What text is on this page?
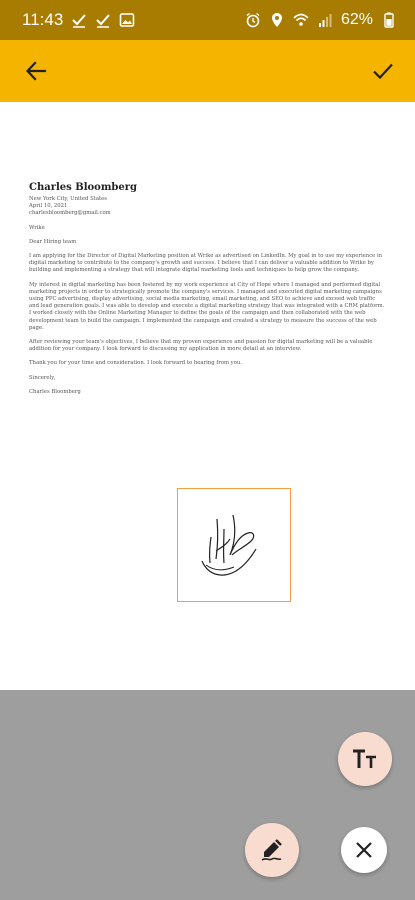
11:43	62%
Charles Bloomberg
New York City, United States
April 10, 2021
charlesbloomberg@gmail.com
Wrike
Dear Hiring team
I am applying for the Director of Digital Marketing position at Wrike as advertised on LinkedIn. My goal in to use my experience in digital marketing to contribute to the company's growth and success. I believe that I can deliver a valuable addition to Wrike by building and implementing a strategy that will integrate digital marketing tools and techniques to help grow the company.
My interest in digital marketing has been fostered by my work experience at City of Hope where I managed and performed digital marketing projects in order to strategically promote the company's services. I managed and executed digital marketing campaigns using PPC advertising, display advertising, social media marketing, email marketing, and SEO to achieve and exceed web traffic and lead generation goals. I was able to develop and execute a digital marketing strategy that was integrated with a CRM platform. I worked closely with the Online Marketing Manager to define the goals of the campaign and then collaborated with the web development team to build the campaign. I implemented the campaign and created a strategy to measure the success of the web page.
After reviewing your team's objectives, I believe that my proven experience and passion for digital marketing will be a valuable addition for your company. I look forward to discussing my application in more detail at an interview.
Thank you for your time and consideration. I look forward to hearing from you.
Sincerely,
Charles Bloomberg
